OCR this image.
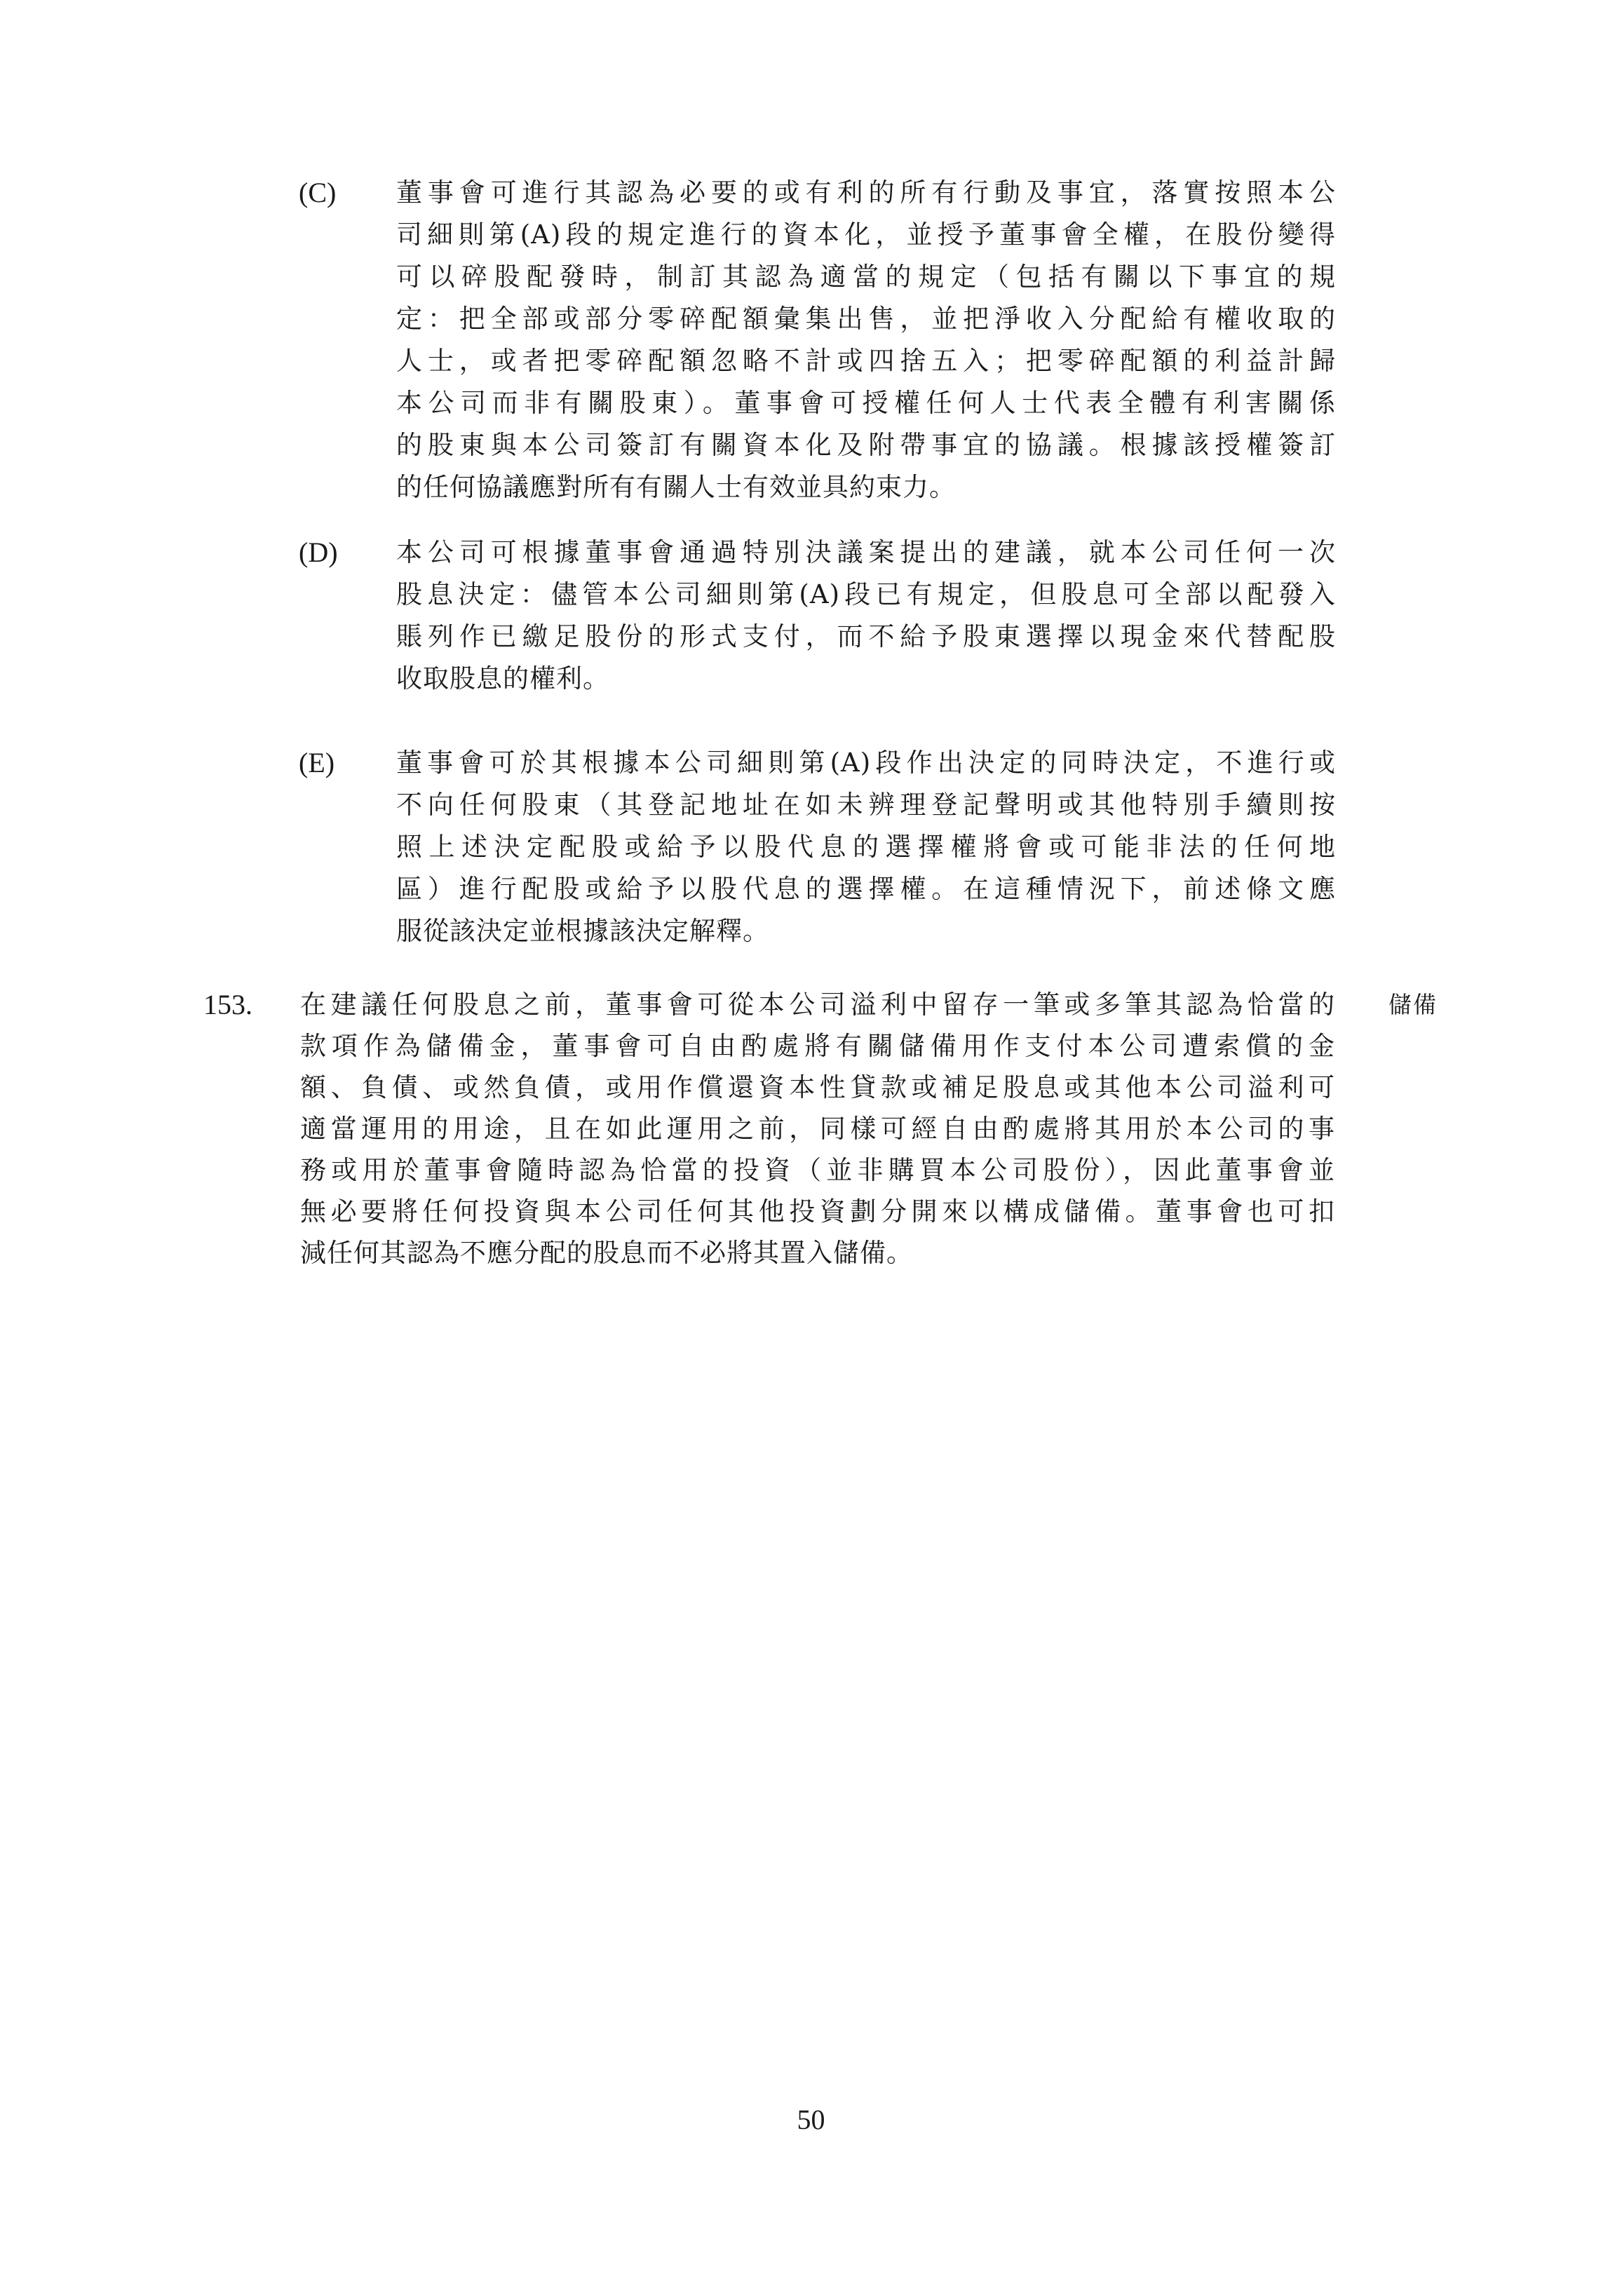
(C) 董事會可進行其認為必要的或有利的所有行動及事宜，落實按照本公
司細則第(A)段的規定進行的資本化，並授予董事會全權，在股份變得
可以碎股配發時，制訂其認為適當的規定（包括有關以下事宜的規
定：把全部或部分零碎配額彙集出售，並把淨收入分配給有權收取的
人士，或者把零碎配額忽略不計或四捨五入；把零碎配額的利益計歸
本公司而非有關股東）。董事會可授權任何人士代表全體有利害關係
的股東與本公司簽訂有關資本化及附帶事宜的協議。根據該授權簽訂
的任何協議應對所有有關人士有效並具約束力。
(D) 本公司可根據董事會通過特別決議案提出的建議，就本公司任何一次
股息決定：儘管本公司細則第(A)段已有規定，但股息可全部以配發入
賬列作已繳足股份的形式支付，而不給予股東選擇以現金來代替配股
收取股息的權利。
(E) 董事會可於其根據本公司細則第(A)段作出決定的同時決定，不進行或
不向任何股東（其登記地址在如未辨理登記聲明或其他特別手續則按
照上述決定配股或給予以股代息的選擇權將會或可能非法的任何地
區）進行配股或給予以股代息的選擇權。在這種情況下，前述條文應
服從該決定並根據該決定解釋。
153. 在建議任何股息之前，董事會可從本公司溢利中留存一筆或多筆其認為恰當的
款項作為儲備金，董事會可自由酌處將有關儲備用作支付本公司遭索償的金
額、負債、或然負債，或用作償還資本性貸款或補足股息或其他本公司溢利可
適當運用的用途，且在如此運用之前，同樣可經自由酌處將其用於本公司的事
務或用於董事會隨時認為恰當的投資（並非購買本公司股份），因此董事會並
無必要將任何投資與本公司任何其他投資劃分開來以構成儲備。董事會也可扣
減任何其認為不應分配的股息而不必將其置入儲備。
儲備
50
